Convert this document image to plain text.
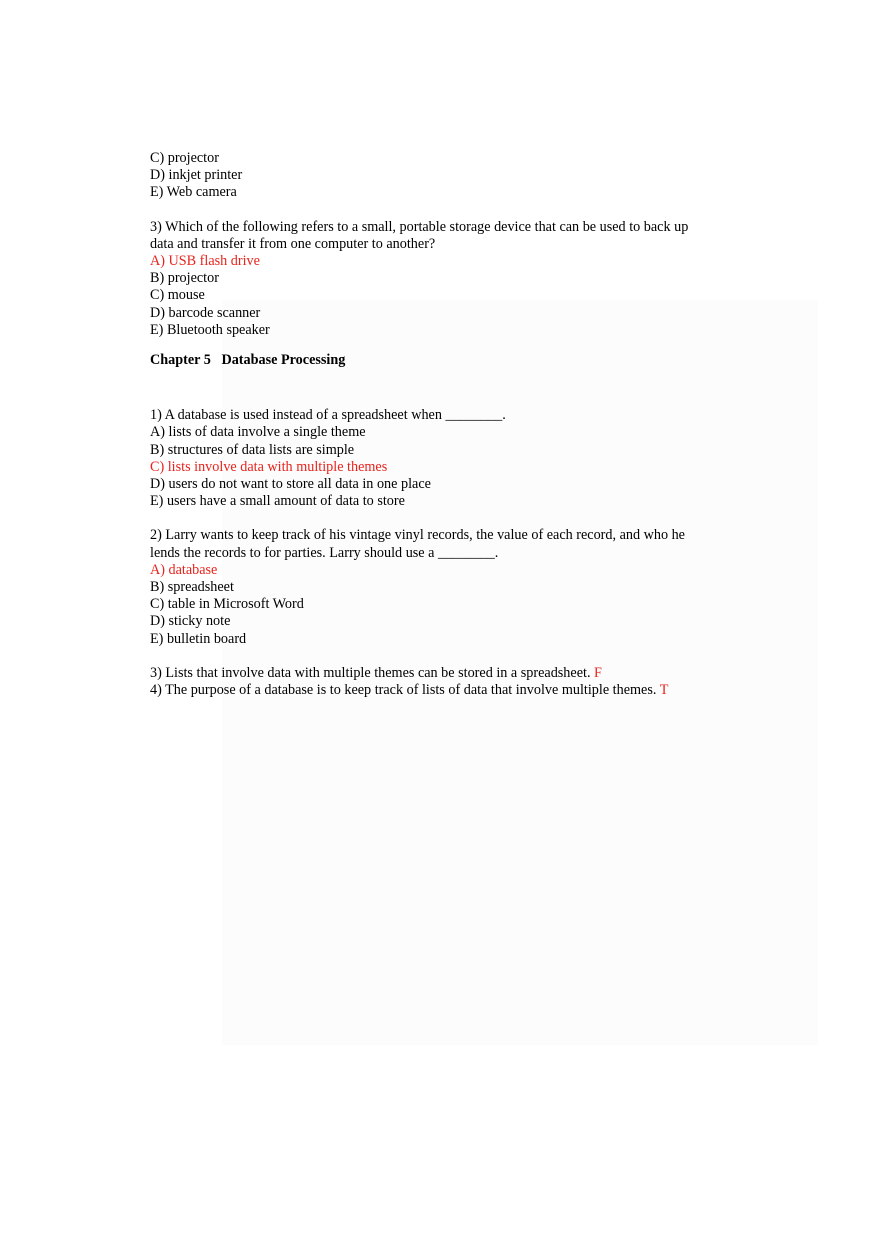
C) projector
D) inkjet printer
E) Web camera
3) Which of the following refers to a small, portable storage device that can be used to back up
data and transfer it from one computer to another?
A) USB flash drive
B) projector
C) mouse
D) barcode scanner
E) Bluetooth speaker
Chapter 5   Database Processing
1) A database is used instead of a spreadsheet when ________.
A) lists of data involve a single theme
B) structures of data lists are simple
C) lists involve data with multiple themes
D) users do not want to store all data in one place
E) users have a small amount of data to store
2) Larry wants to keep track of his vintage vinyl records, the value of each record, and who he
lends the records to for parties. Larry should use a ________.
A) database
B) spreadsheet
C) table in Microsoft Word
D) sticky note
E) bulletin board
3) Lists that involve data with multiple themes can be stored in a spreadsheet. F
4) The purpose of a database is to keep track of lists of data that involve multiple themes. T
